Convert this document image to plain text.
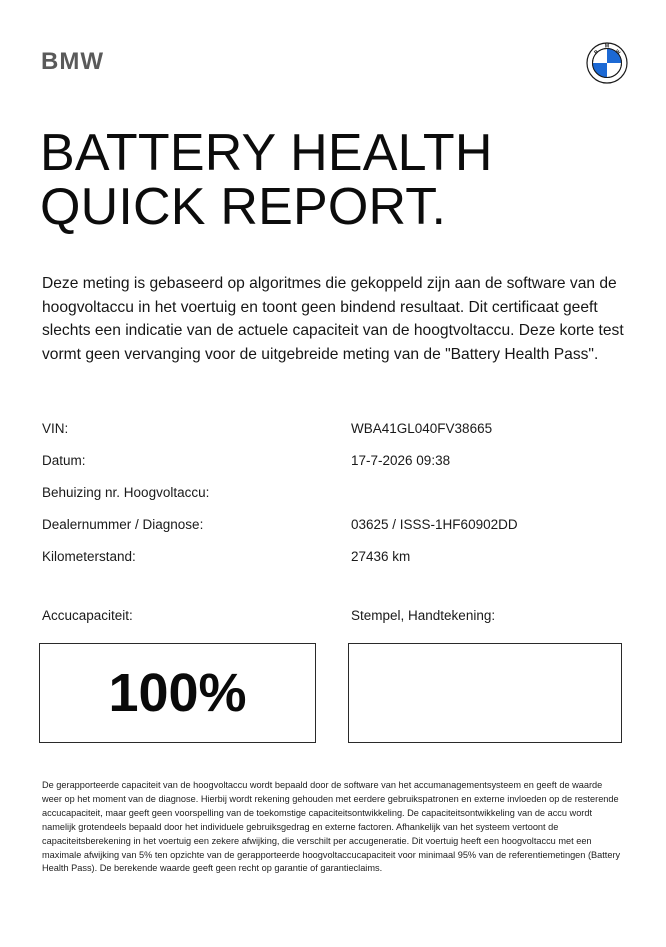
BMW	B
M
W
BATTERY HEALTH
QUICK REPORT.

Deze meting is gebaseerd op algoritmes die gekoppeld zijn aan de software van de hoogvoltaccu in het voertuig en toont geen bindend resultaat. Dit certificaat geeft slechts een indicatie van de actuele capaciteit van de hoogtvoltaccu. Deze korte test vormt geen vervanging voor de uitgebreide meting van de "Battery Health Pass".

VIN:	WBA41GL040FV38665
Datum:	17-7-2026 09:38
Behuizing nr. Hoogvoltaccu:
Dealernummer / Diagnose:	03625 / ISSS-1HF60902DD
Kilometerstand:	27436 km
Accucapaciteit:	Stempel, Handtekening:
100%

De gerapporteerde capaciteit van de hoogvoltaccu wordt bepaald door de software van het accumanagementsysteem en geeft de waarde weer op het moment van de diagnose. Hierbij wordt rekening gehouden met eerdere gebruikspatronen en externe invloeden op de resterende accucapaciteit, maar geeft geen voorspelling van de toekomstige capaciteitsontwikkeling. De capaciteitsontwikkeling van de accu wordt namelijk grotendeels bepaald door het individuele gebruiksgedrag en externe factoren. Afhankelijk van het systeem vertoont de capaciteitsberekening in het voertuig een zekere afwijking, die verschilt per accugeneratie. Dit voertuig heeft een hoogvoltaccu met een maximale afwijking van 5% ten opzichte van de gerapporteerde hoogvoltaccucapaciteit voor minimaal 95% van de referentiemetingen (Battery Health Pass). De berekende waarde geeft geen recht op garantie of garantieclaims.
